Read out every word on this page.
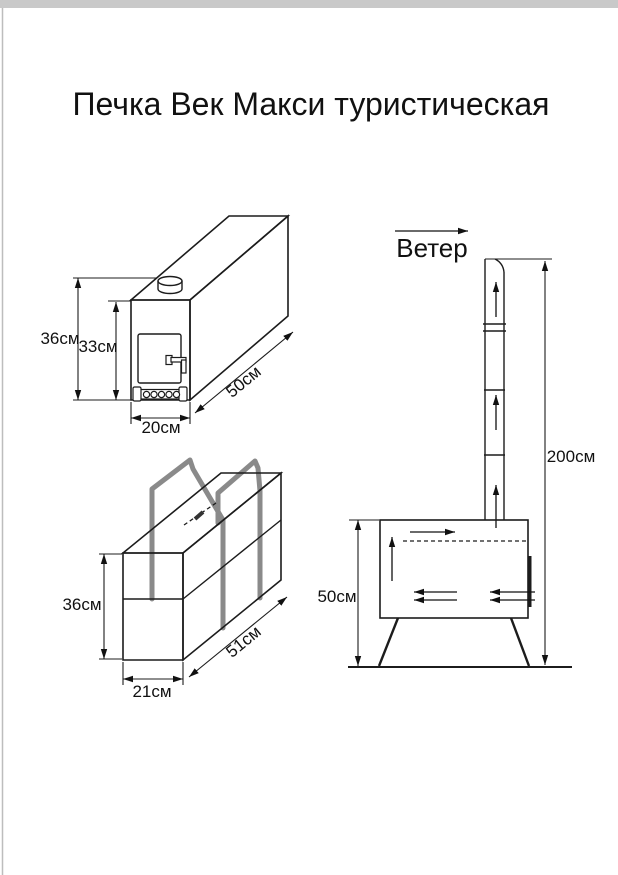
Печка Век Макси туристическая
36см
33см
20см
50см
36см
21см
51см
Ветер
50см
200см
